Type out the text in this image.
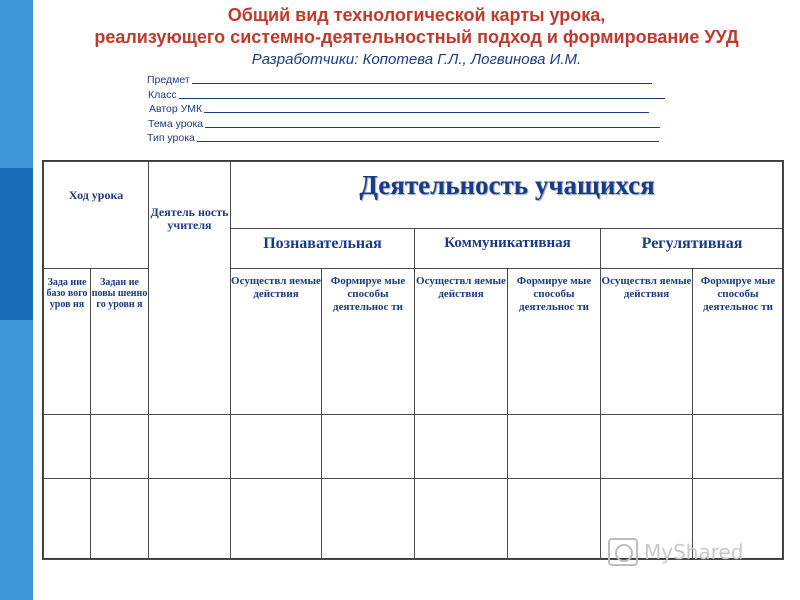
Общий вид технологической карты урока,
реализующего системно-деятельностный подход и формирование УУД
Разработчики: Копотева Г.Л., Логвинова И.М.
Предмет
Класс
Автор УМК
Тема урока
Тип урока
Ход урока		Деятель ность учителя	Деятельность учащихся					
			Познавательная		Коммуникативная		Регулятивная	
Зада ние базо вого уров ня	Задан ие повы шенно го уровн я		Осуществл яемые действия	Формируе мые способы деятельнос ти	Осуществл яемые действия	Формируе мые способы деятельнос ти	Осуществл яемые действия	Формируе мые способы деятельнос ти

MyShared
